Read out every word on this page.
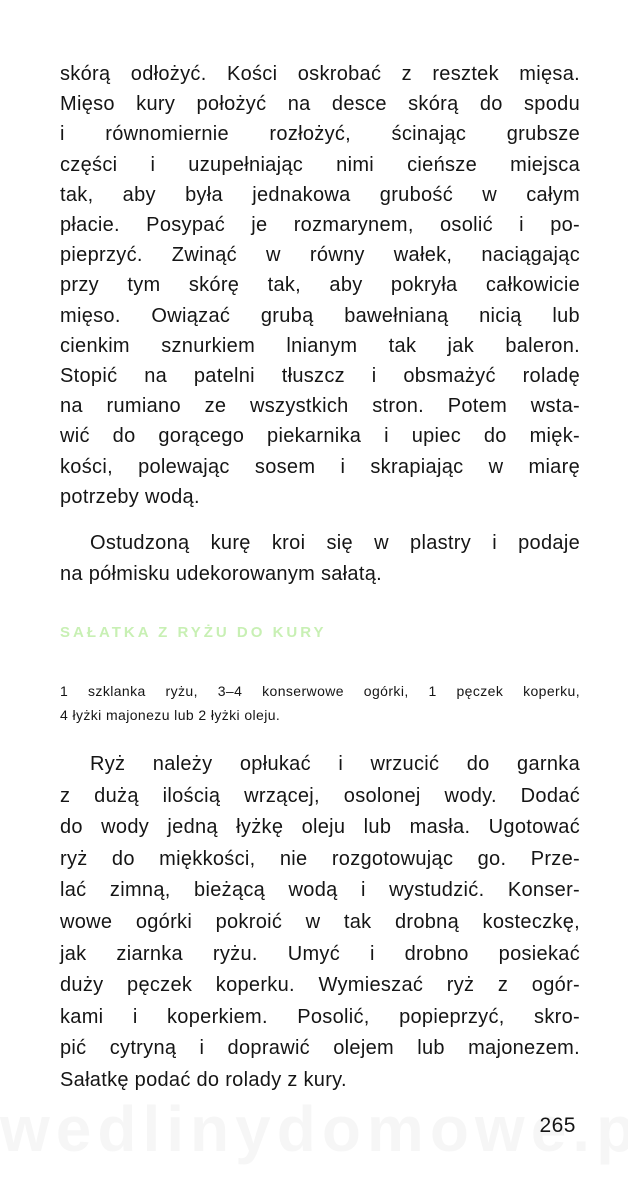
skórą odłożyć. Kości oskrobać z resztek mięsa.
Mięso kury położyć na desce skórą do spodu
i równomiernie rozłożyć, ścinając grubsze
części i uzupełniając nimi cieńsze miejsca
tak, aby była jednakowa grubość w całym
płacie. Posypać je rozmarynem, osolić i po-
pieprzyć. Zwinąć w równy wałek, naciągając
przy tym skórę tak, aby pokryła całkowicie
mięso. Owiązać grubą bawełnianą nicią lub
cienkim sznurkiem lnianym tak jak baleron.
Stopić na patelni tłuszcz i obsmażyć roladę
na rumiano ze wszystkich stron. Potem wsta-
wić do gorącego piekarnika i upiec do mięk-
kości, polewając sosem i skrapiając w miarę
potrzeby wodą.
Ostudzoną kurę kroi się w plastry i podaje
na półmisku udekorowanym sałatą.
SAŁATKA Z RYŻU DO KURY
1 szklanka ryżu, 3–4 konserwowe ogórki, 1 pęczek koperku,
4 łyżki majonezu lub 2 łyżki oleju.
Ryż należy opłukać i wrzucić do garnka
z dużą ilością wrzącej, osolonej wody. Dodać
do wody jedną łyżkę oleju lub masła. Ugotować
ryż do miękkości, nie rozgotowując go. Prze-
lać zimną, bieżącą wodą i wystudzić. Konser-
wowe ogórki pokroić w tak drobną kosteczkę,
jak ziarnka ryżu. Umyć i drobno posiekać
duży pęczek koperku. Wymieszać ryż z ogór-
kami i koperkiem. Posolić, popieprzyć, skro-
pić cytryną i doprawić olejem lub majonezem.
Sałatkę podać do rolady z kury.
265
